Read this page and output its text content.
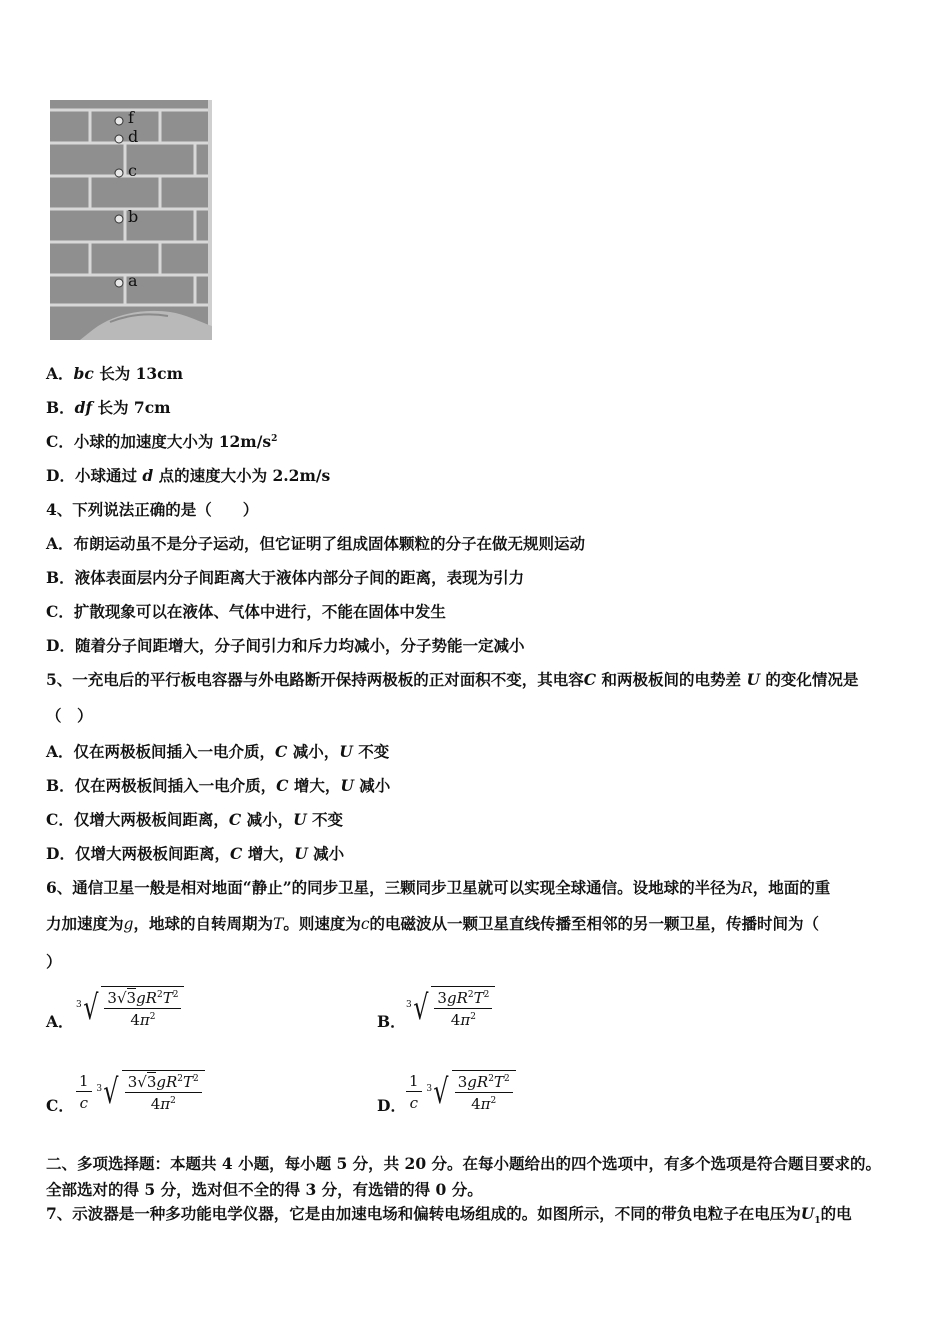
f
d
c
b
a
A．bc 长为 13cm
B．df 长为 7cm
C．小球的加速度大小为 $12m/s^2$
D．小球通过 d 点的速度大小为 2.2m/s
4、下列说法正确的是（　　）
A．布朗运动虽不是分子运动，但它证明了组成固体颗粒的分子在做无规则运动
B．液体表面层内分子间距离大于液体内部分子间的距离，表现为引力
C．扩散现象可以在液体、气体中进行，不能在固体中发生
D．随着分子间距增大，分子间引力和斥力均减小，分子势能一定减小
5、一充电后的平行板电容器与外电路断开保持两极板的正对面积不变，其电容C 和两极板间的电势差 U 的变化情况是
（　）
A．仅在两极板间插入一电介质，C 减小，U 不变
B．仅在两极板间插入一电介质，C 增大，U 减小
C．仅增大两极板间距离，C 减小，U 不变
D．仅增大两极板间距离，C 增大，U 减小
6、通信卫星一般是相对地面“静止”的同步卫星，三颗同步卫星就可以实现全球通信。设地球的半径为R，地面的重
力加速度为g，地球的自转周期为T。则速度为c的电磁波从一颗卫星直线传播至相邻的另一颗卫星，传播时间为（
）
A．
3 √ $\frac{3√3gR^2T^2}{4\pi^2}$	B．
3 √ $\frac{3gR^2T^2}{4\pi^2}$
C． $\frac{1}{c}$
3 √ $\frac{3√3gR^2T^2}{4\pi^2}$	D． $\frac{1}{c}$
3 √ $\frac{3gR^2T^2}{4\pi^2}$
二、多项选择题：本题共 4 小题，每小题 5 分，共 20 分。在每小题给出的四个选项中，有多个选项是符合题目要求的。
全部选对的得 5 分，选对但不全的得 3 分，有选错的得 0 分。
7、示波器是一种多功能电学仪器，它是由加速电场和偏转电场组成的。如图所示，不同的带负电粒子在电压为$U_1$的电
